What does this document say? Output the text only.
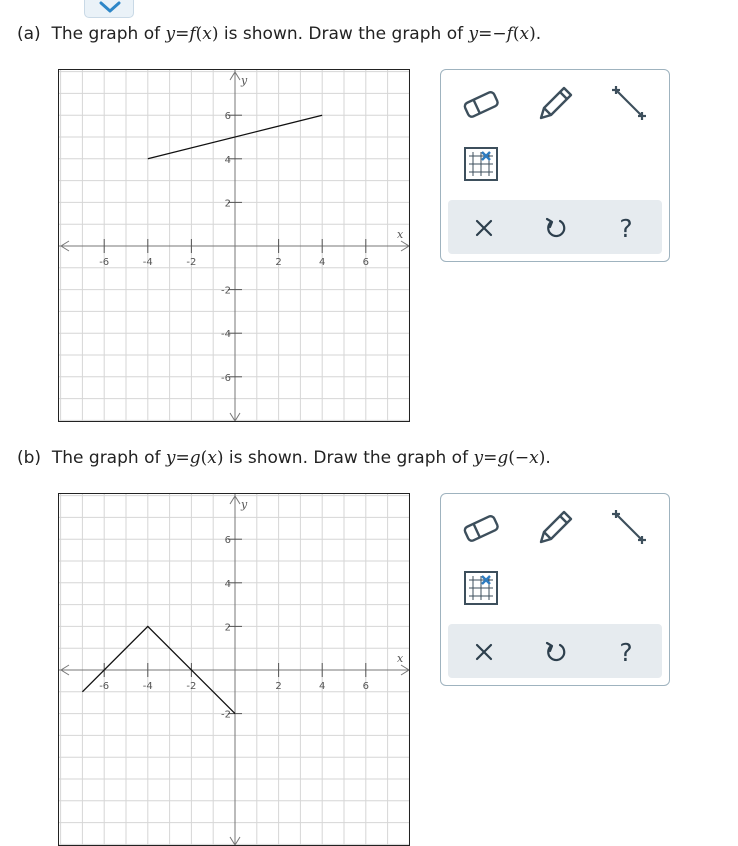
(a) The graph of y=f(x) is shown. Draw the graph of y=−f(x).
-6	-4	-2	2	4	6
6
4
2
-2
-4
-6
x
y
?
(b) The graph of y=g(x) is shown. Draw the graph of y=g(−x).
-6	-4	-2	2	4	6
6
4
2
-2
x
y
?
